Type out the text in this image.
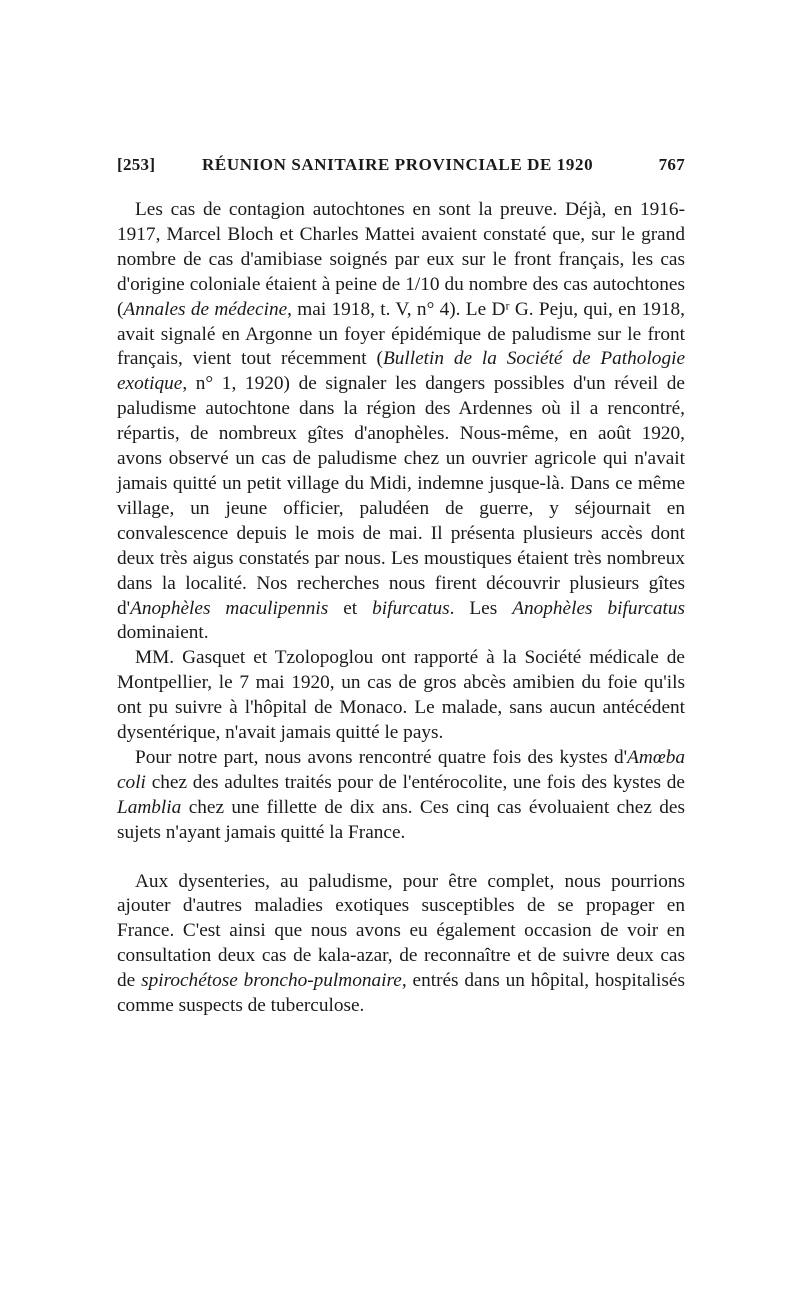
[253]	RÉUNION SANITAIRE PROVINCIALE DE 1920	767

Les cas de contagion autochtones en sont la preuve. Déjà, en 1916-1917, Marcel Bloch et Charles Mattei avaient constaté que, sur le grand nombre de cas d'amibiase soignés par eux sur le front français, les cas d'origine coloniale étaient à peine de 1/10 du nombre des cas autochtones (Annales de médecine, mai 1918, t. V, n° 4). Le Dʳ G. Peju, qui, en 1918, avait signalé en Argonne un foyer épidémique de paludisme sur le front français, vient tout récemment (Bulletin de la Société de Pathologie exotique, n° 1, 1920) de signaler les dangers possibles d'un réveil de paludisme autochtone dans la région des Ardennes où il a rencontré, répartis, de nombreux gîtes d'anophèles. Nous-même, en août 1920, avons observé un cas de paludisme chez un ouvrier agricole qui n'avait jamais quitté un petit village du Midi, indemne jusque-là. Dans ce même village, un jeune officier, paludéen de guerre, y séjournait en convalescence depuis le mois de mai. Il présenta plusieurs accès dont deux très aigus constatés par nous. Les moustiques étaient très nombreux dans la localité. Nos recherches nous firent découvrir plusieurs gîtes d'Anophèles maculipennis et bifurcatus. Les Anophèles bifurcatus dominaient.

MM. Gasquet et Tzolopoglou ont rapporté à la Société médicale de Montpellier, le 7 mai 1920, un cas de gros abcès amibien du foie qu'ils ont pu suivre à l'hôpital de Monaco. Le malade, sans aucun antécédent dysentérique, n'avait jamais quitté le pays.

Pour notre part, nous avons rencontré quatre fois des kystes d'Amœba coli chez des adultes traités pour de l'entérocolite, une fois des kystes de Lamblia chez une fillette de dix ans. Ces cinq cas évoluaient chez des sujets n'ayant jamais quitté la France.

Aux dysenteries, au paludisme, pour être complet, nous pourrions ajouter d'autres maladies exotiques susceptibles de se propager en France. C'est ainsi que nous avons eu également occasion de voir en consultation deux cas de kala-azar, de reconnaître et de suivre deux cas de spirochétose broncho-pulmonaire, entrés dans un hôpital, hospitalisés comme suspects de tuberculose.
